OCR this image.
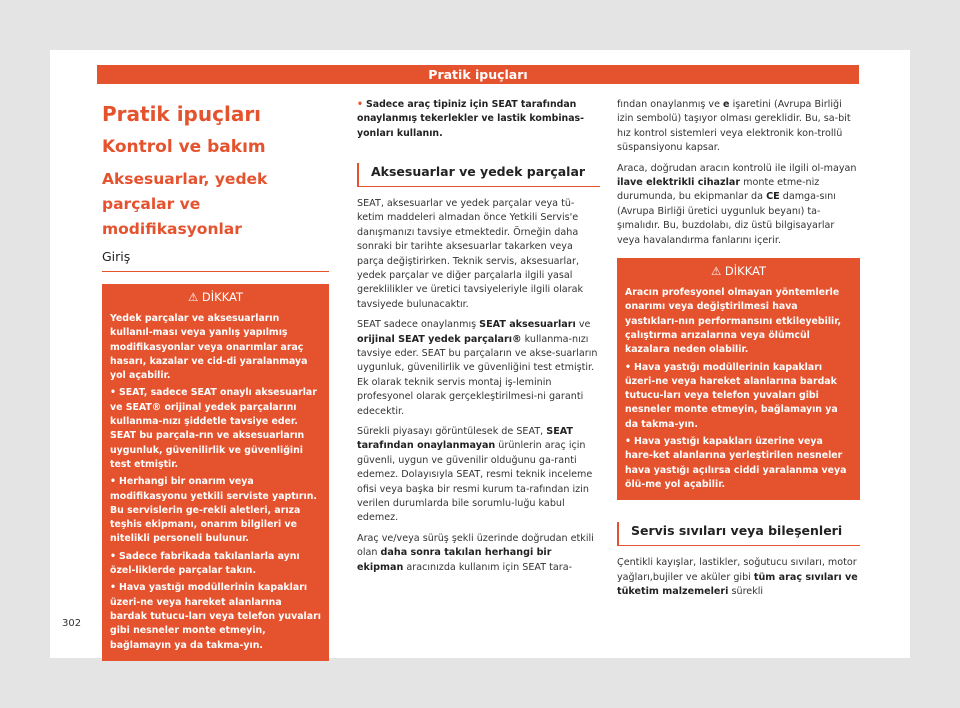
Pratik ipuçları
Pratik ipuçları
Kontrol ve bakım
Aksesuarlar, yedek parçalar ve modifikasyonlar
Giriş
⚠ DİKKAT

Yedek parçalar ve aksesuarların kullanıl-ması veya yanlış yapılmış modifikasyonlar veya onarımlar araç hasarı, kazalar ve cid-di yaralanmaya yol açabilir.

• SEAT, sadece SEAT onaylı aksesuarlar ve SEAT® orijinal yedek parçalarını kullanma-nızı şiddetle tavsiye eder. SEAT bu parçala-rın ve aksesuarların uygunluk, güvenilirlik ve güvenliğini test etmiştir.

• Herhangi bir onarım veya modifikasyonu yetkili serviste yaptırın. Bu servislerin ge-rekli aletleri, arıza teşhis ekipmanı, onarım bilgileri ve nitelikli personeli bulunur.

• Sadece fabrikada takılanlarla aynı özel-liklerde parçalar takın.

• Hava yastığı modüllerinin kapakları üzeri-ne veya hareket alanlarına bardak tutucu-ları veya telefon yuvaları gibi nesneler monte etmeyin, bağlamayın ya da takma-yın.

• Sadece araç tipiniz için SEAT tarafından onaylanmış tekerlekler ve lastik kombinas-yonları kullanın.
Aksesuarlar ve yedek parçalar

SEAT, aksesuarlar ve yedek parçalar veya tü-ketim maddeleri almadan önce Yetkili Servis'e danışmanızı tavsiye etmektedir. Örneğin daha sonraki bir tarihte aksesuarlar takarken veya parça değiştirirken. Teknik servis, aksesuarlar, yedek parçalar ve diğer parçalarla ilgili yasal gereklilikler ve üretici tavsiyeleriyle ilgili olarak tavsiyede bulunacaktır.

SEAT sadece onaylanmış SEAT aksesuarları ve orijinal SEAT yedek parçaları® kullanma-nızı tavsiye eder. SEAT bu parçaların ve akse-suarların uygunluk, güvenilirlik ve güvenliğini test etmiştir. Ek olarak teknik servis montaj iş-leminin profesyonel olarak gerçekleştirilmesi-ni garanti edecektir.

Sürekli piyasayı görüntülesek de SEAT, SEAT tarafından onaylanmayan ürünlerin araç için güvenli, uygun ve güvenilir olduğunu ga-ranti edemez. Dolayısıyla SEAT, resmi teknik inceleme ofisi veya başka bir resmi kurum ta-rafından izin verilen durumlarda bile sorumlu-luğu kabul edemez.

Araç ve/veya sürüş şekli üzerinde doğrudan etkili olan daha sonra takılan herhangi bir ekipman aracınızda kullanım için SEAT tara-

fından onaylanmış ve e işaretini (Avrupa Birliği izin sembolü) taşıyor olması gereklidir. Bu, sa-bit hız kontrol sistemleri veya elektronik kon-trollü süspansiyonu kapsar.

Araca, doğrudan aracın kontrolü ile ilgili ol-mayan ilave elektrikli cihazlar monte etme-niz durumunda, bu ekipmanlar da CE damga-sını (Avrupa Birliği üretici uygunluk beyanı) ta-şımalıdır. Bu, buzdolabı, diz üstü bilgisayarlar veya havalandırma fanlarını içerir.

⚠ DİKKAT

Aracın profesyonel olmayan yöntemlerle onarımı veya değiştirilmesi hava yastıkları-nın performansını etkileyebilir, çalıştırma arızalarına veya ölümcül kazalara neden olabilir.

• Hava yastığı modüllerinin kapakları üzeri-ne veya hareket alanlarına bardak tutucu-ları veya telefon yuvaları gibi nesneler monte etmeyin, bağlamayın ya da takma-yın.

• Hava yastığı kapakları üzerine veya hare-ket alanlarına yerleştirilen nesneler hava yastığı açılırsa ciddi yaralanma veya ölü-me yol açabilir.

Servis sıvıları veya bileşenleri

Çentikli kayışlar, lastikler, soğutucu sıvıları, motor yağları,bujiler ve aküler gibi tüm araç sıvıları ve tüketim malzemeleri sürekli

302
